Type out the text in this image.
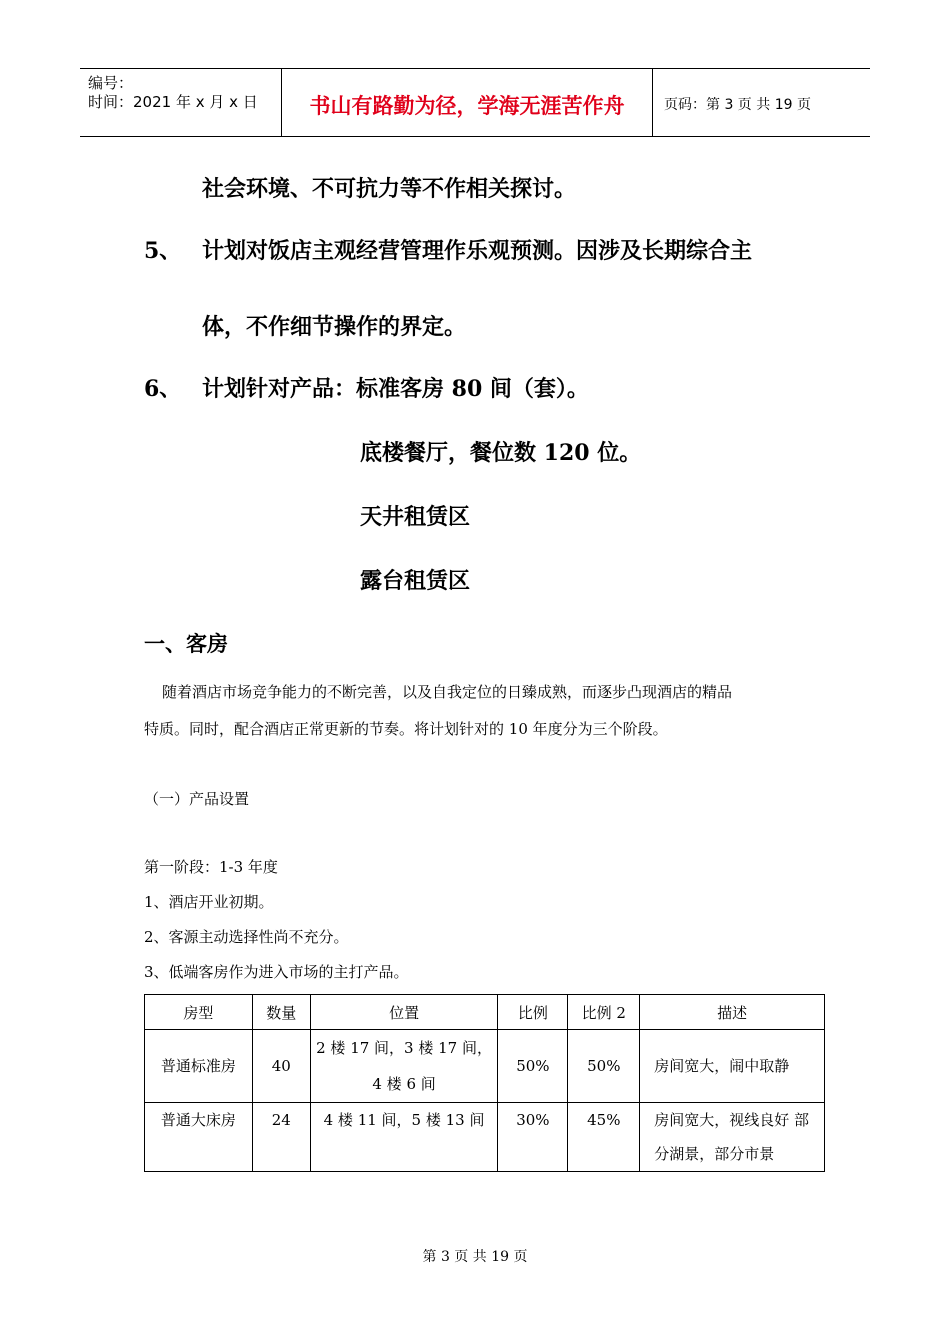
编号：
时间：2021 年 x 月 x 日	书山有路勤为径，学海无涯苦作舟	页码：第 3 页 共 19 页
社会环境、不可抗力等不作相关探讨。
5、 计划对饭店主观经营管理作乐观预测。因涉及长期综合主
体，不作细节操作的界定。
6、 计划针对产品：标准客房 80 间（套）。
底楼餐厅，餐位数 120 位。
天井租赁区
露台租赁区
一、客房
随着酒店市场竞争能力的不断完善，以及自我定位的日臻成熟，而逐步凸现酒店的精品
特质。同时，配合酒店正常更新的节奏。将计划针对的 10 年度分为三个阶段。
（一）产品设置
第一阶段：1-3 年度
1、酒店开业初期。
2、客源主动选择性尚不充分。
3、低端客房作为进入市场的主打产品。
房型	数量	位置	比例	比例 2	描述
普通标准房	40	2 楼 17 间，3 楼 17 间，4 楼 6 间	50%	50%	房间宽大，闹中取静
普通大床房	24	4 楼 11 间，5 楼 13 间	30%	45%	房间宽大，视线良好 部分湖景，部分市景
第 3 页 共 19 页
